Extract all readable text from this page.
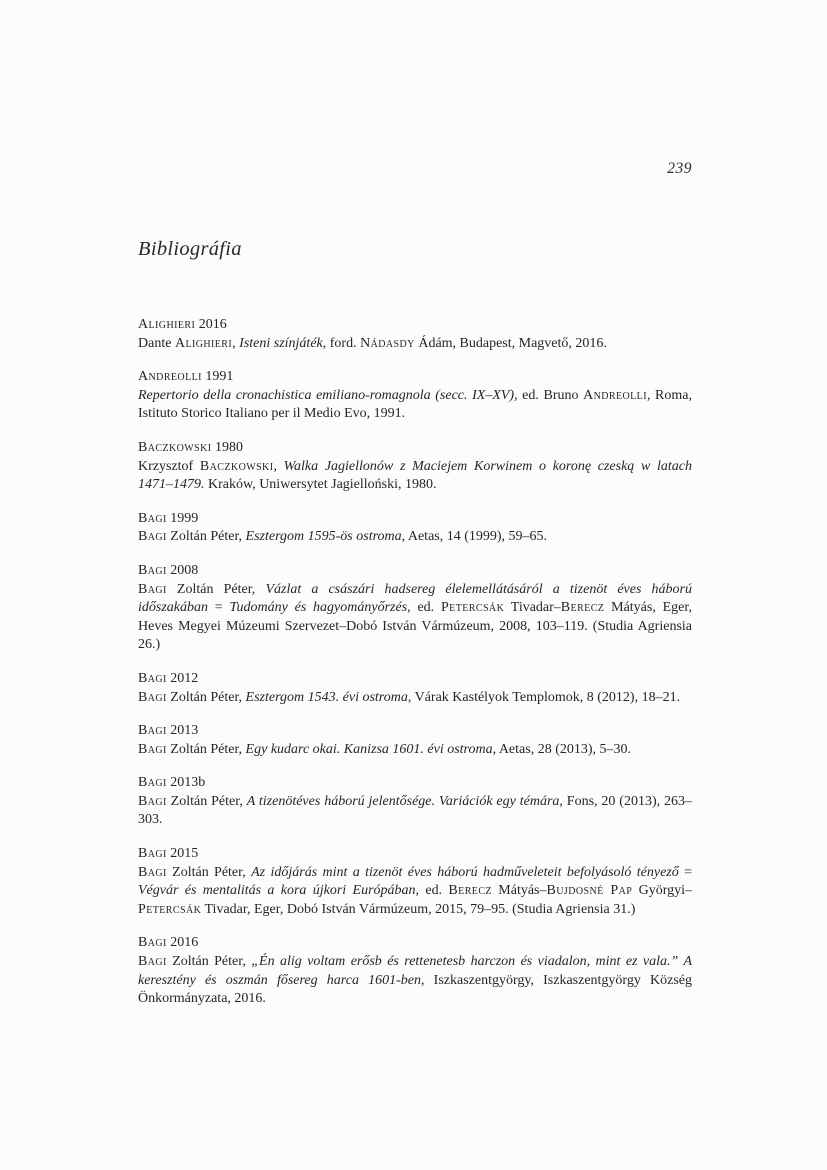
239
Bibliográfia
Alighieri 2016
Dante Alighieri, Isteni színjáték, ford. Nádasdy Ádám, Budapest, Magvető, 2016.
Andreolli 1991
Repertorio della cronachistica emiliano-romagnola (secc. IX–XV), ed. Bruno Andreolli, Roma, Istituto Storico Italiano per il Medio Evo, 1991.
Baczkowski 1980
Krzysztof Baczkowski, Walka Jagiellonów z Maciejem Korwinem o koronę czeską w latach 1471–1479. Kraków, Uniwersytet Jagielloński, 1980.
Bagi 1999
Bagi Zoltán Péter, Esztergom 1595-ös ostroma, Aetas, 14 (1999), 59–65.
Bagi 2008
Bagi Zoltán Péter, Vázlat a császári hadsereg élelemellátásáról a tizenöt éves háború időszakában = Tudomány és hagyományőrzés, ed. Petercsák Tivadar–Berecz Mátyás, Eger, Heves Megyei Múzeumi Szervezet–Dobó István Vármúzeum, 2008, 103–119. (Studia Agriensia 26.)
Bagi 2012
Bagi Zoltán Péter, Esztergom 1543. évi ostroma, Várak Kastélyok Templomok, 8 (2012), 18–21.
Bagi 2013
Bagi Zoltán Péter, Egy kudarc okai. Kanizsa 1601. évi ostroma, Aetas, 28 (2013), 5–30.
Bagi 2013b
Bagi Zoltán Péter, A tizenötéves háború jelentősége. Variációk egy témára, Fons, 20 (2013), 263–303.
Bagi 2015
Bagi Zoltán Péter, Az időjárás mint a tizenöt éves háború hadműveleteit befolyásoló tényező = Végvár és mentalitás a kora újkori Európában, ed. Berecz Mátyás–Bujdosné Pap Györgyi–Petercsák Tivadar, Eger, Dobó István Vármúzeum, 2015, 79–95. (Studia Agriensia 31.)
Bagi 2016
Bagi Zoltán Péter, „Én alig voltam erősb és rettenetesb harczon és viadalon, mint ez vala.” A keresztény és oszmán fősereg harca 1601-ben, Iszkaszentgyörgy, Iszkaszentgyörgy Község Önkormányzata, 2016.
